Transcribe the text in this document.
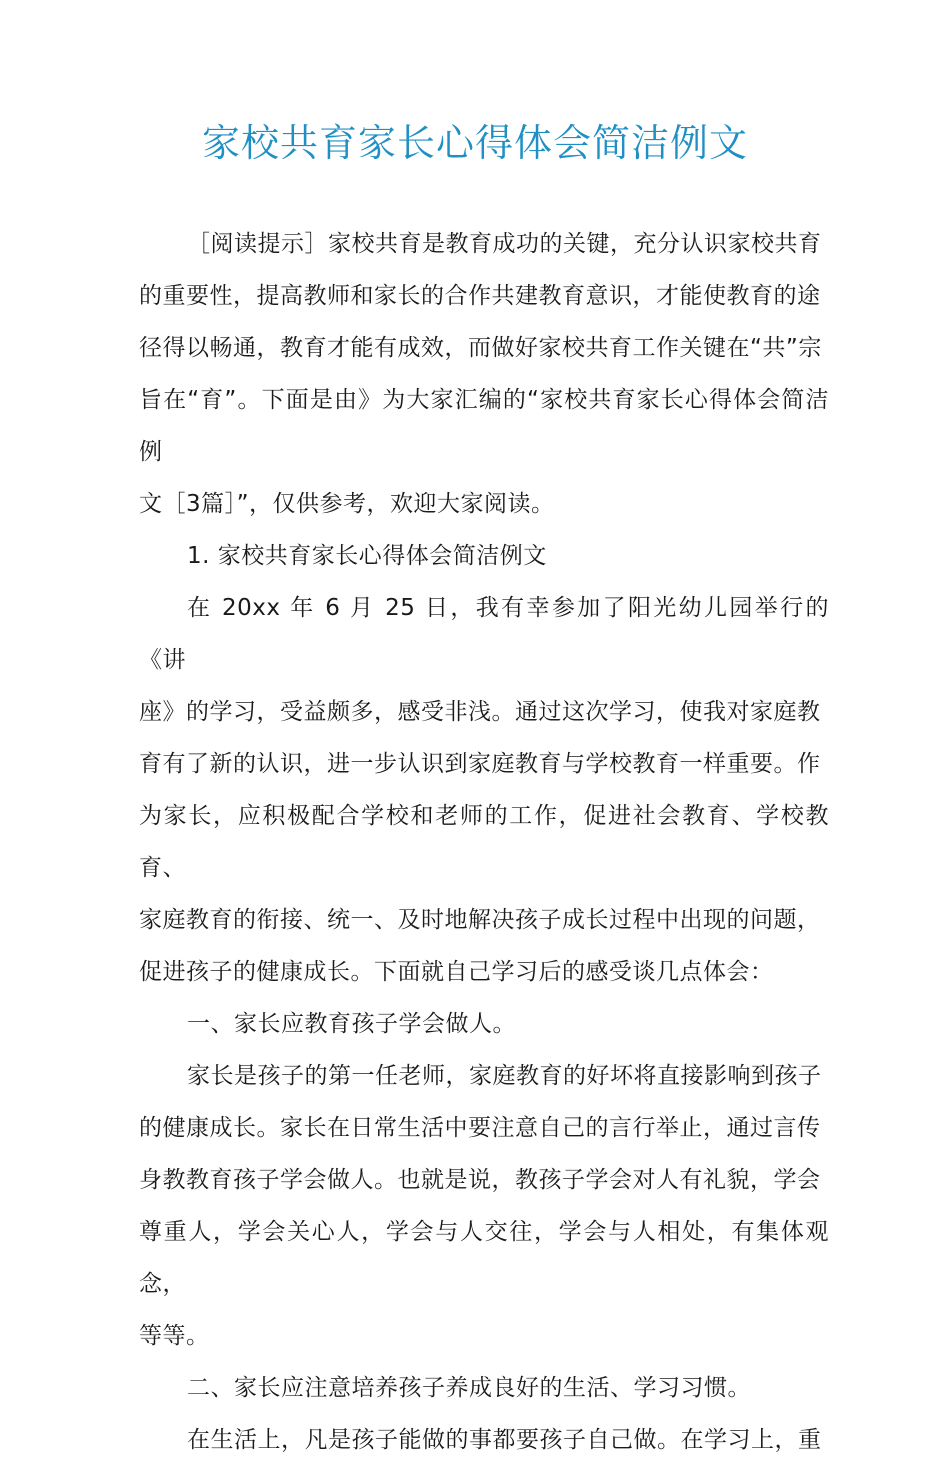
家校共育家长心得体会简洁例文

［阅读提示］家校共育是教育成功的关键，充分认识家校共育
的重要性，提高教师和家长的合作共建教育意识，才能使教育的途
径得以畅通，教育才能有成效，而做好家校共育工作关键在“共”宗
旨在“育”。下面是由》为大家汇编的“家校共育家长心得体会简洁例
文［3篇］”，仅供参考，欢迎大家阅读。

1. 家校共育家长心得体会简洁例文

在 20xx 年 6 月 25 日，我有幸参加了阳光幼儿园举行的《讲
座》的学习，受益颇多，感受非浅。通过这次学习，使我对家庭教
育有了新的认识，进一步认识到家庭教育与学校教育一样重要。作
为家长，应积极配合学校和老师的工作，促进社会教育、学校教育、
家庭教育的衔接、统一、及时地解决孩子成长过程中出现的问题，
促进孩子的健康成长。下面就自己学习后的感受谈几点体会：

一、家长应教育孩子学会做人。

家长是孩子的第一任老师，家庭教育的好坏将直接影响到孩子
的健康成长。家长在日常生活中要注意自己的言行举止，通过言传
身教教育孩子学会做人。也就是说，教孩子学会对人有礼貌，学会
尊重人，学会关心人，学会与人交往，学会与人相处，有集体观念，
等等。

二、家长应注意培养孩子养成良好的生活、学习习惯。

在生活上，凡是孩子能做的事都要孩子自己做。在学习上，重
